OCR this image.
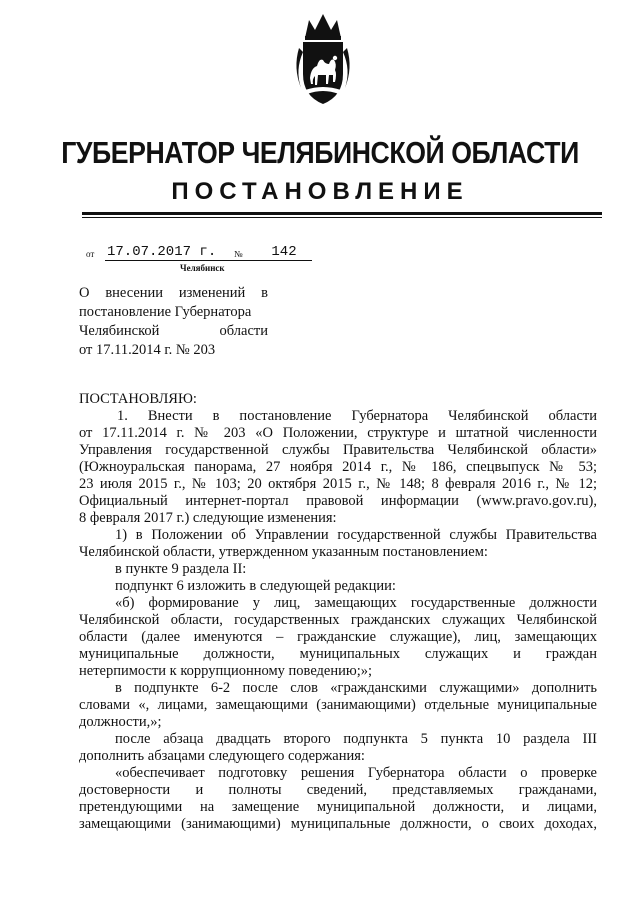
ГУБЕРНАТОР ЧЕЛЯБИНСКОЙ ОБЛАСТИ
ПОСТАНОВЛЕНИЕ
от 17.07.2017 г.	№	142
Челябинск
О внесении изменений в
постановление Губернатора
Челябинской области
от 17.11.2014 г. № 203
ПОСТАНОВЛЯЮ:
1. Внести в постановление Губернатора Челябинской области
от 17.11.2014 г. № 203 «О Положении, структуре и штатной численности
Управления государственной службы Правительства Челябинской области»
(Южноуральская панорама, 27 ноября 2014 г., № 186, спецвыпуск № 53;
23 июля 2015 г., № 103; 20 октября 2015 г., № 148; 8 февраля 2016 г., № 12;
Официальный интернет-портал правовой информации (www.pravo.gov.ru),
8 февраля 2017 г.) следующие изменения:
1) в Положении об Управлении государственной службы Правительства
Челябинской области, утвержденном указанным постановлением:
в пункте 9 раздела II:
подпункт 6 изложить в следующей редакции:
«б) формирование у лиц, замещающих государственные должности
Челябинской области, государственных гражданских служащих Челябинской
области (далее именуются – гражданские служащие), лиц, замещающих
муниципальные должности, муниципальных служащих и граждан
нетерпимости к коррупционному поведению;»;
в подпункте 6-2 после слов «гражданскими служащими» дополнить
словами «, лицами, замещающими (занимающими) отдельные муниципальные
должности,»;
после абзаца двадцать второго подпункта 5 пункта 10 раздела III
дополнить абзацами следующего содержания:
«обеспечивает подготовку решения Губернатора области о проверке
достоверности и полноты сведений, представляемых гражданами,
претендующими на замещение муниципальной должности, и лицами,
замещающими (занимающими) муниципальные должности, о своих доходах,
